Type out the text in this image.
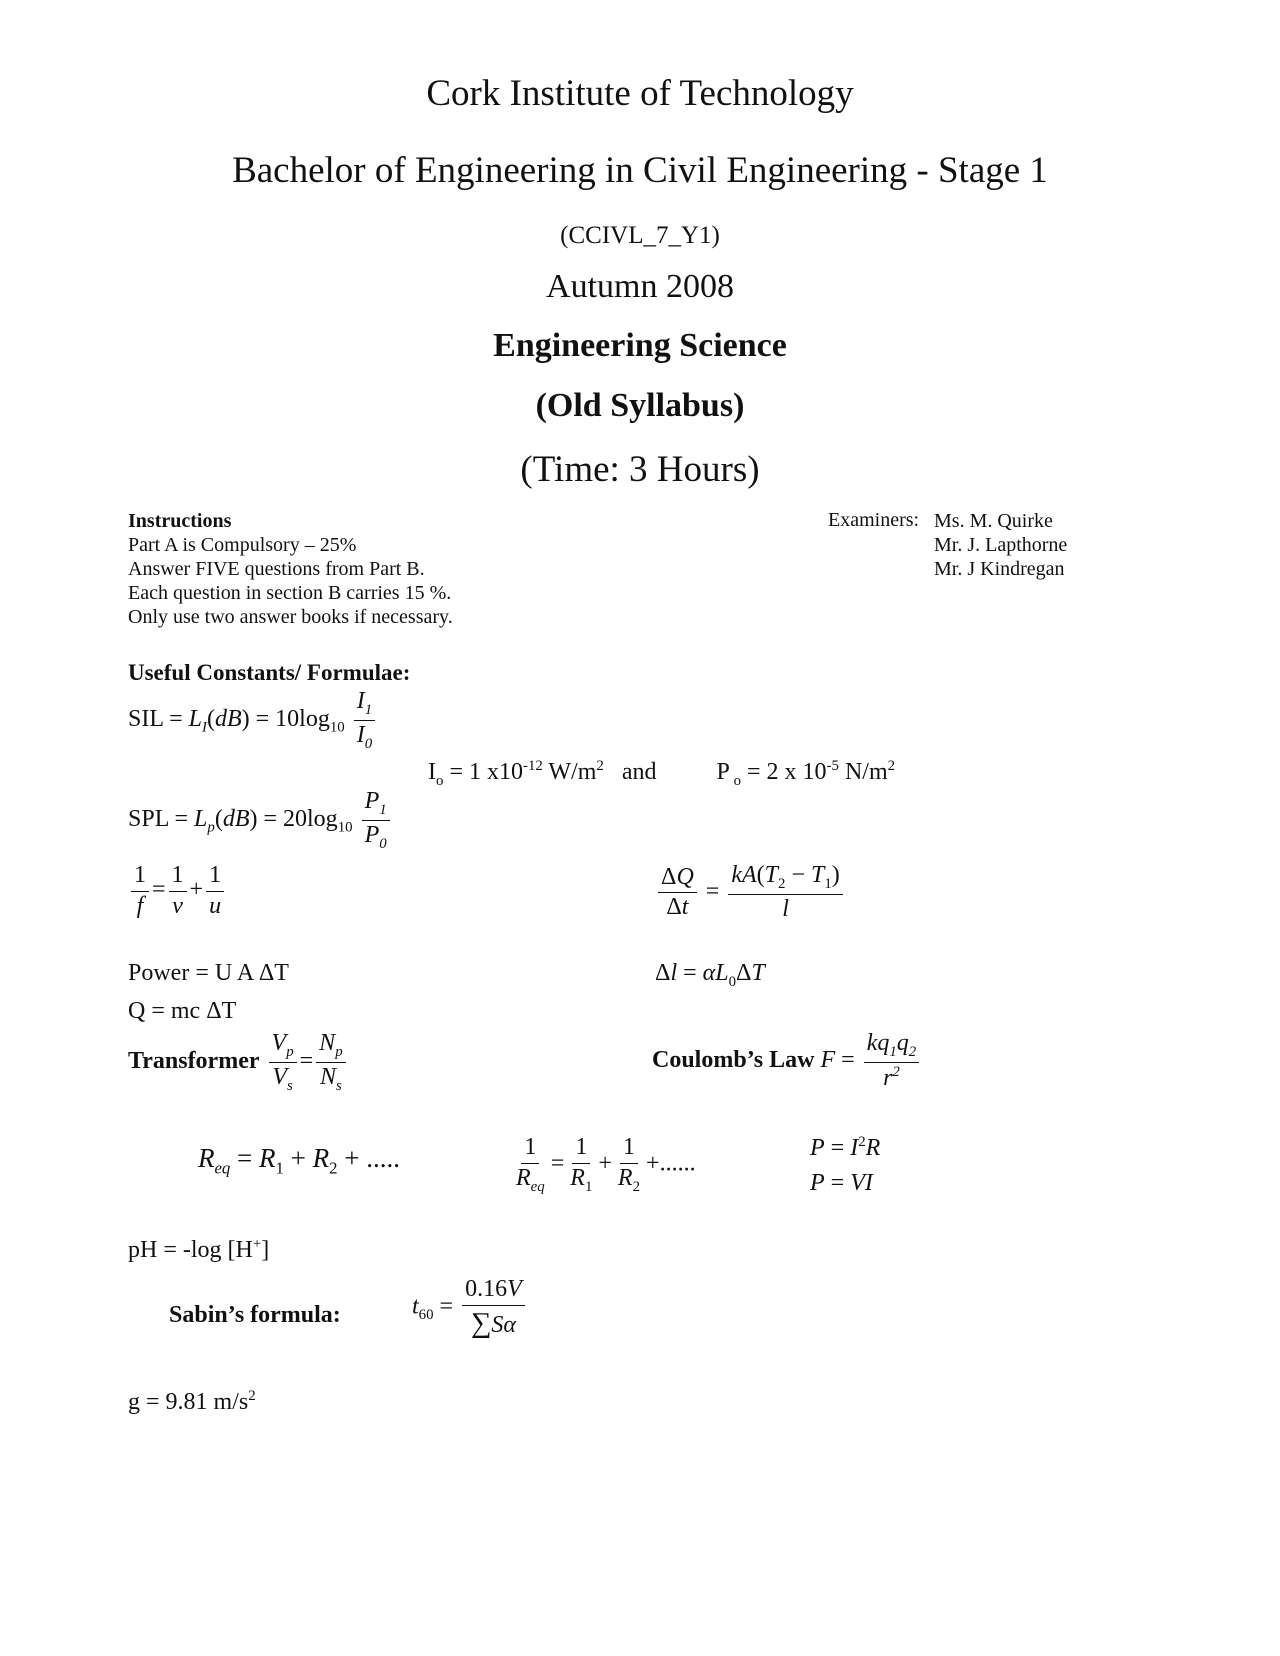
Cork Institute of Technology
Bachelor of Engineering in Civil Engineering - Stage 1
(CCIVL_7_Y1)
Autumn 2008
Engineering Science
(Old Syllabus)
(Time: 3 Hours)
Instructions
Part A is Compulsory – 25%
Answer FIVE questions from Part B.
Each question in section B carries 15 %.
Only use two answer books if necessary.
Examiners: Ms. M. Quirke
Mr. J. Lapthorne
Mr. J Kindregan
Useful Constants/ Formulae:
SIL = $L_I(dB) = 10\log_{10} \frac{I_1}{I_0}$
$I_o = 1$ $x10^{-12}$ $W/m^2$ and          P $_o$ = 2 x $10^{-5}$ $N/m^2$
SPL = $L_p(dB) = 20\log_{10} \frac{P_1}{P_0}$
$\frac{1}{f} = \frac{1}{v} + \frac{1}{u}$	$\frac{\Delta Q}{\Delta t} = \frac{kA(T_2 - T_1)}{l}$
Power = U A ΔT	$\Delta l = \alpha L_0\Delta T$
Q = mc ΔT
Transformer $\frac{V_p}{V_s} = \frac{N_p}{N_s}$	Coulomb’s Law $F = \frac{kq_1q_2}{r^2}$
$R_{eq} = R_1 + R_2$ + .....	$\frac{1}{R_{eq}} = \frac{1}{R_1} + \frac{1}{R_2}$ +......
$P = I^2R$
P = VI
pH = -log [H+]
Sabin’s formula:	$t_{60} = \frac{0.16V}{\sum S\alpha}$
g = 9.81 $m/s^2$
